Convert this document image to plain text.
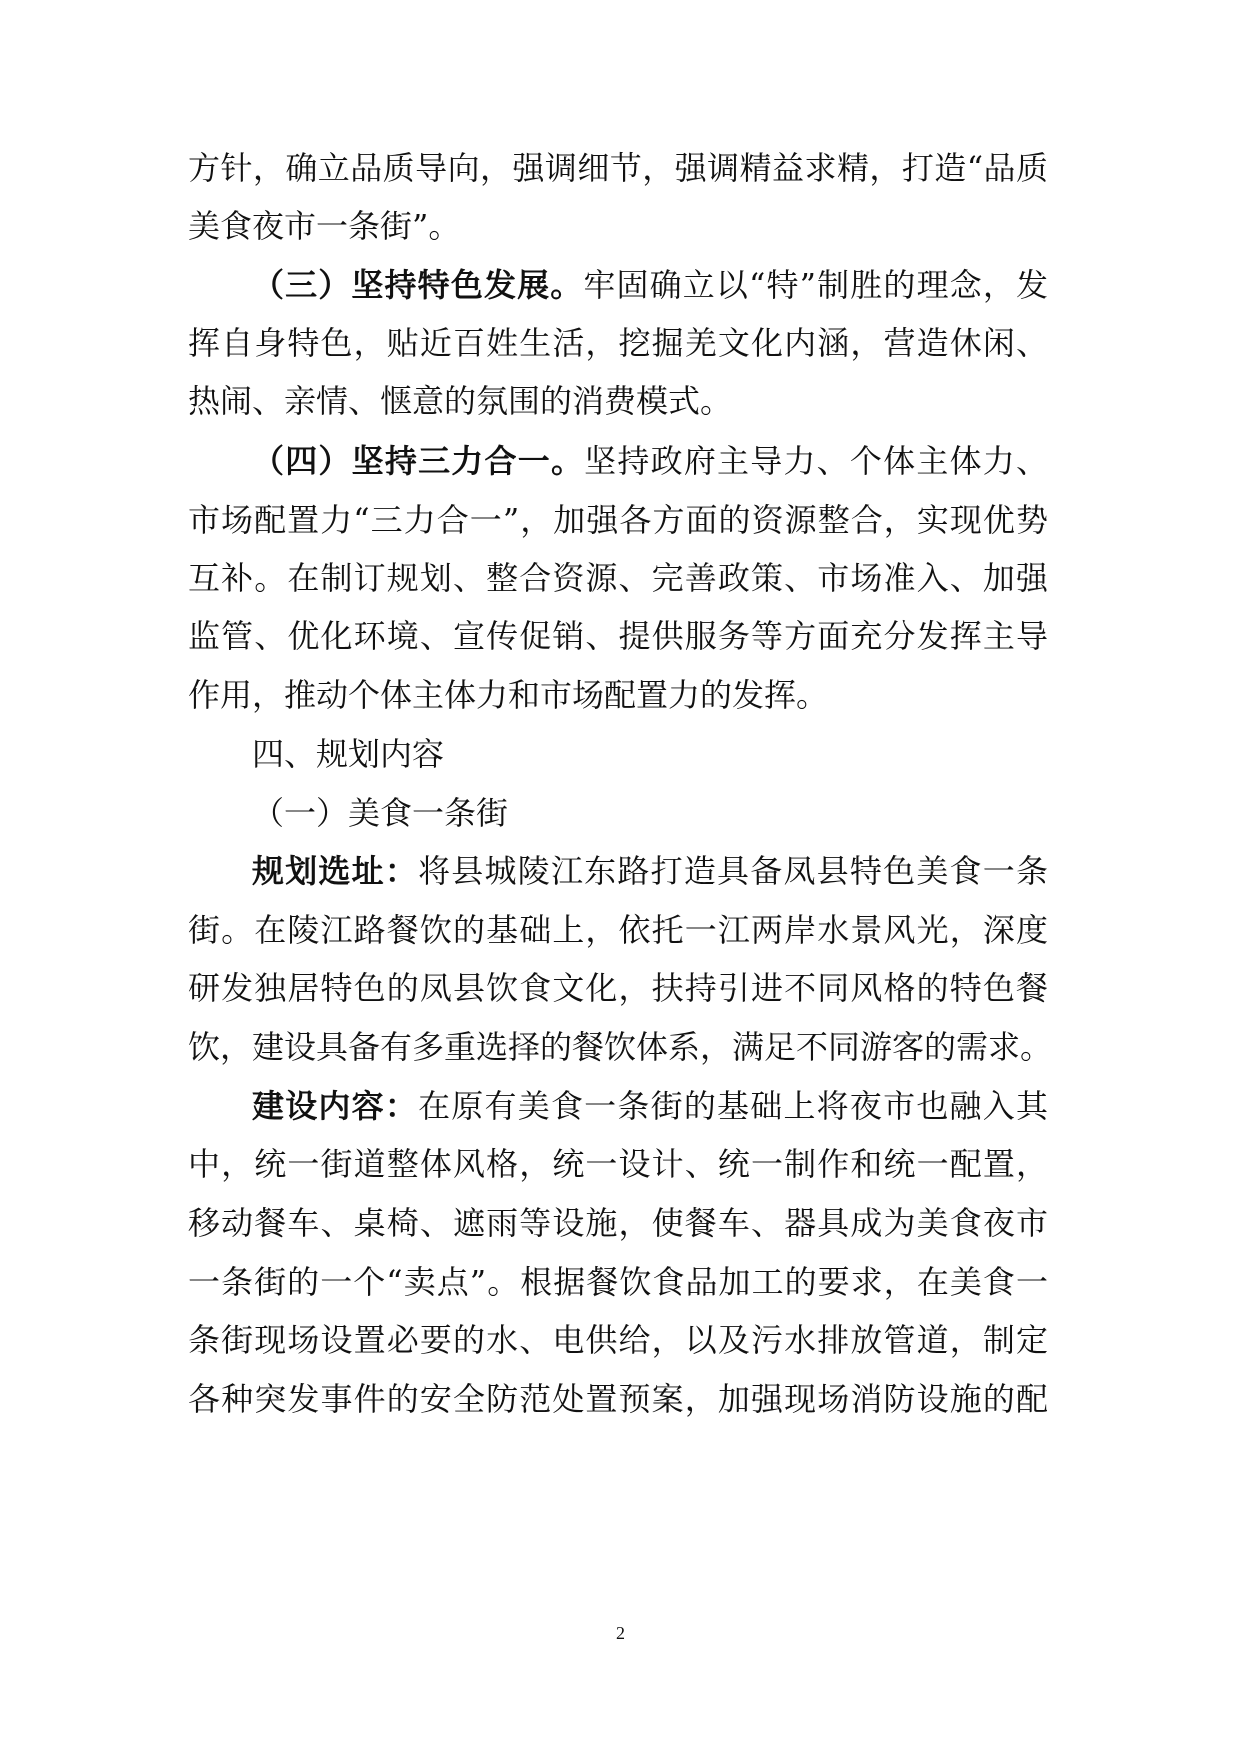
方针，确立品质导向，强调细节，强调精益求精，打造“品质
美食夜市一条街”。
（三）坚持特色发展。牢固确立以“特”制胜的理念，发
挥自身特色，贴近百姓生活，挖掘羌文化内涵，营造休闲、
热闹、亲情、惬意的氛围的消费模式。
（四）坚持三力合一。坚持政府主导力、个体主体力、
市场配置力“三力合一”，加强各方面的资源整合，实现优势
互补。在制订规划、整合资源、完善政策、市场准入、加强
监管、优化环境、宣传促销、提供服务等方面充分发挥主导
作用，推动个体主体力和市场配置力的发挥。
四、规划内容
（一）美食一条街
规划选址：将县城陵江东路打造具备凤县特色美食一条
街。在陵江路餐饮的基础上，依托一江两岸水景风光，深度
研发独居特色的凤县饮食文化，扶持引进不同风格的特色餐
饮，建设具备有多重选择的餐饮体系，满足不同游客的需求。
建设内容：在原有美食一条街的基础上将夜市也融入其
中，统一街道整体风格，统一设计、统一制作和统一配置，
移动餐车、桌椅、遮雨等设施，使餐车、器具成为美食夜市
一条街的一个“卖点”。根据餐饮食品加工的要求，在美食一
条街现场设置必要的水、电供给，以及污水排放管道，制定
各种突发事件的安全防范处置预案，加强现场消防设施的配
2
